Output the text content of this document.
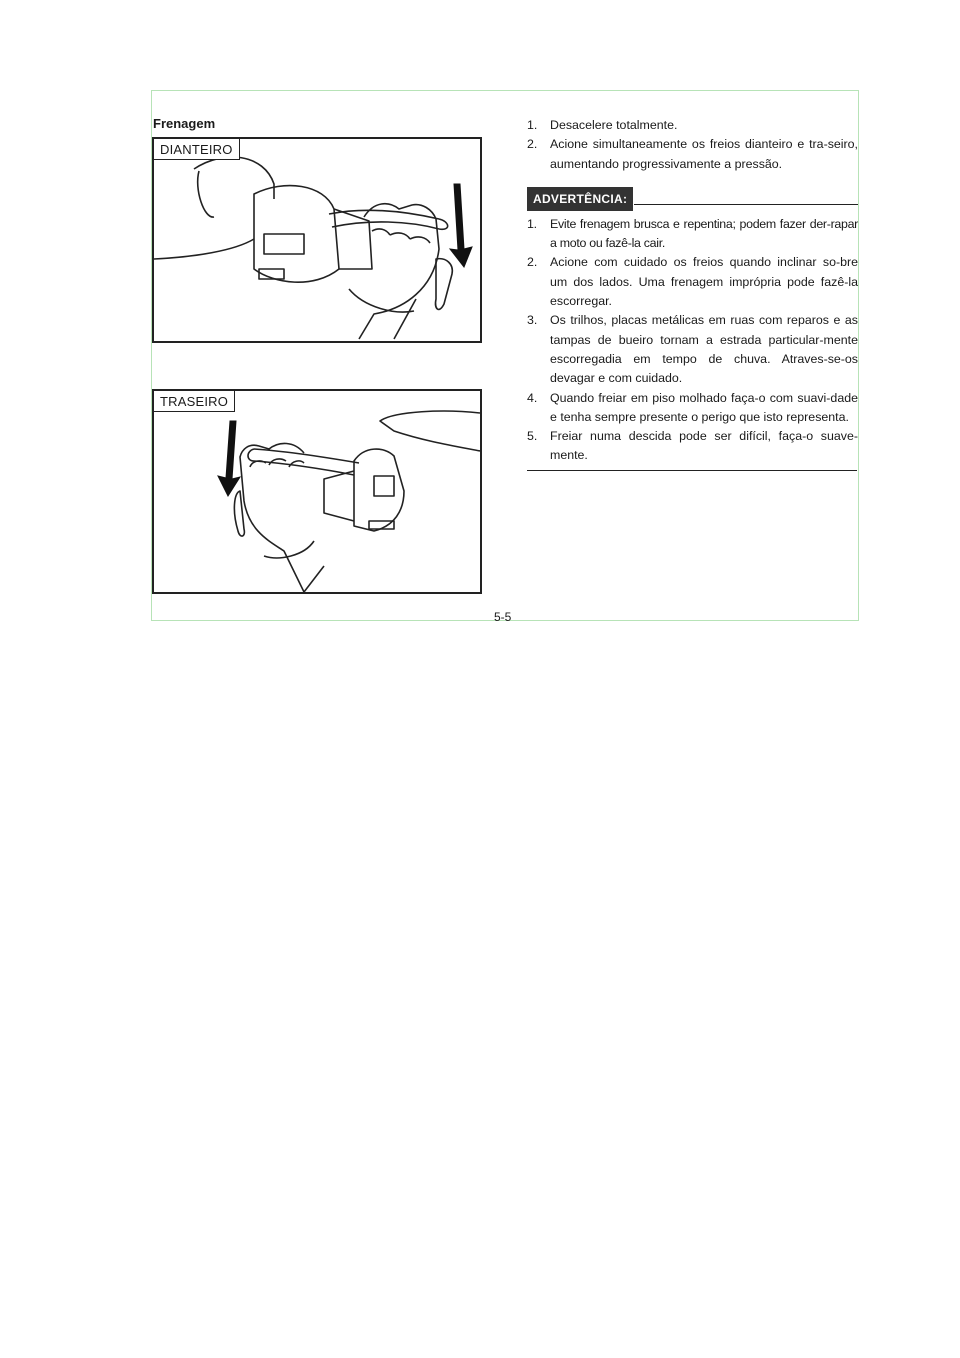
Frenagem
DIANTEIRO
TRASEIRO
1. Desacelere totalmente.
2. Acione simultaneamente os freios dianteiro e tra-seiro, aumentando progressivamente a pressão.
ADVERTÊNCIA:
1. Evite frenagem brusca e repentina; podem fazer der-rapar a moto ou fazê-la cair.
2. Acione com cuidado os freios quando inclinar so-bre um dos lados. Uma frenagem imprópria pode fazê-la escorregar.
3. Os trilhos, placas metálicas em ruas com reparos e as tampas de bueiro tornam a estrada particular-mente escorregadia em tempo de chuva. Atraves-se-os devagar e com cuidado.
4. Quando freiar em piso molhado faça-o com suavi-dade e tenha sempre presente o perigo que isto representa.
5. Freiar numa descida pode ser difícil, faça-o suave-mente.
5-5
